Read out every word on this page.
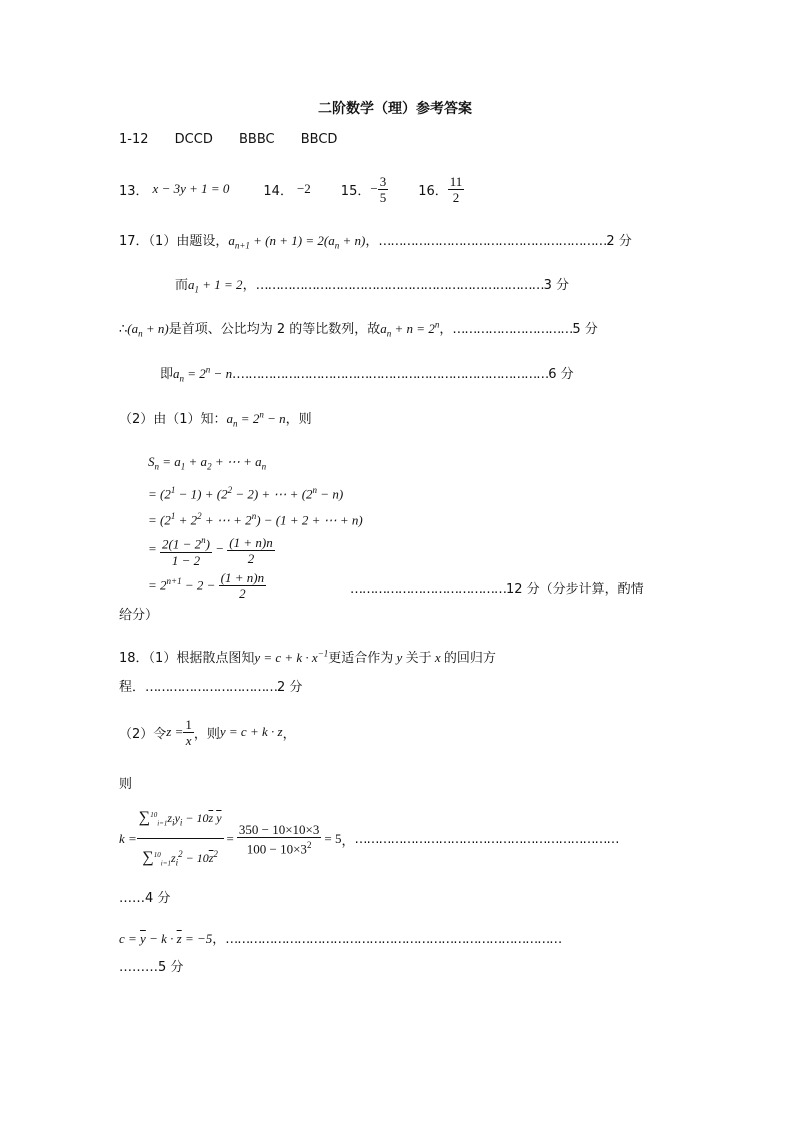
二阶数学（理）参考答案
1-12 DCCD BBBC BBCD
13． x − 3y + 1 = 0	14． −2 15． − $\frac{3}{5} 16$． $\frac{11}{2}$
17．（1）由题设，$a_{n+1} + (n + 1) = 2(a_n + n)$，…………………………………………………2 分
而$a_1 + 1 = 2$，………………………………………………………………3 分
$\therefore(a_n + n)$是首项、公比均为 2 的等比数列，故$a_n + n = 2^n$，…………………………5 分
即$a_n = 2^n$ − n.……………………………………………………………………6 分
（2）由（1）知：$a_n = 2^n - n$，则
$S_n = a_1 + a_2$ + ⋯ + $a_n$
= $(2^1 - 1) + (2^2 - 2)$ + ⋯ + $(2^n - n)$
= ($2^1 + 2^2$ + ⋯ + $2^n) - (1 + 2$ + ⋯ + n)
= $\frac{2(1 - 2^n)}{1 - 2} - \frac{(1 + n)n}{2}$
= $2^{n+1} - 2 - \frac{(1 + n)n}{2}$	…………………………………12 分（分步计算，酌情
给分）
18．（1）根据散点图知$y = c + k \cdot x^{-1}$更适合作为 y 关于 x 的回归方
程．……………………………2 分
（2）令 $z = \frac{1}{x}$ ，则 y = c + k · z ，
则
$k = \frac{\sum^{10}_{i=1}z_iy_i - 10\overline{z} \overline{y}}{\sum^{10}_{i=1}z_i^2 - 10\overline{z}^2} = \frac{350 - 10\times 10\times 3}{100 - 10\times 3^2} = 5$ ， …………………………………………………………
……4 分
$c = \overline{y} - k \cdot \overline{z} = -5$，…………………………………………………………………………
………5 分
